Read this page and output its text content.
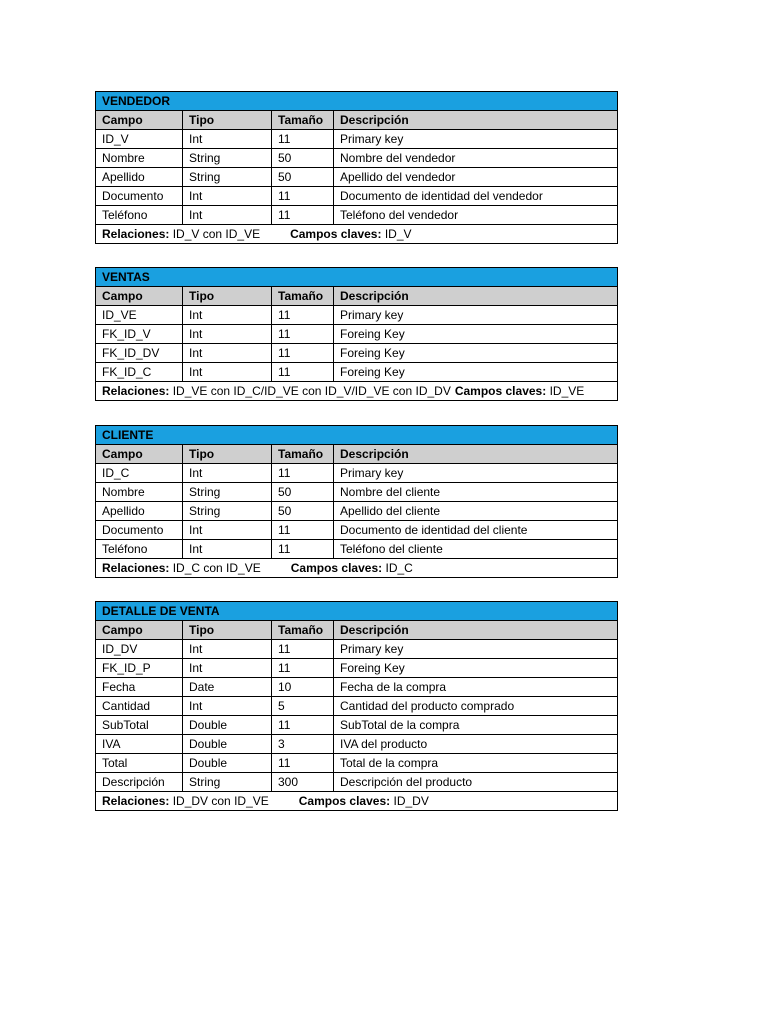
VENDEDOR
Campo	Tipo	Tamaño	Descripción
ID_V	Int	11	Primary key
Nombre	String	50	Nombre del vendedor
Apellido	String	50	Apellido del vendedor
Documento	Int	11	Documento de identidad del vendedor
Teléfono	Int	11	Teléfono del vendedor
Relaciones: ID_V con ID_VE	Campos claves: ID_V
VENTAS
Campo	Tipo	Tamaño	Descripción
ID_VE	Int	11	Primary key
FK_ID_V	Int	11	Foreing Key
FK_ID_DV	Int	11	Foreing Key
FK_ID_C	Int	11	Foreing Key
Relaciones: ID_VE con ID_C/ID_VE con ID_V/ID_VE con ID_DV Campos claves: ID_VE
CLIENTE
Campo	Tipo	Tamaño	Descripción
ID_C	Int	11	Primary key
Nombre	String	50	Nombre del cliente
Apellido	String	50	Apellido del cliente
Documento	Int	11	Documento de identidad del cliente
Teléfono	Int	11	Teléfono del cliente
Relaciones: ID_C con ID_VE	Campos claves: ID_C
DETALLE DE VENTA
Campo	Tipo	Tamaño	Descripción
ID_DV	Int	11	Primary key
FK_ID_P	Int	11	Foreing Key
Fecha	Date	10	Fecha de la compra
Cantidad	Int	5	Cantidad del producto comprado
SubTotal	Double	11	SubTotal de la compra
IVA	Double	3	IVA del producto
Total	Double	11	Total de la compra
Descripción	String	300	Descripción del producto
Relaciones: ID_DV con ID_VE	Campos claves: ID_DV
